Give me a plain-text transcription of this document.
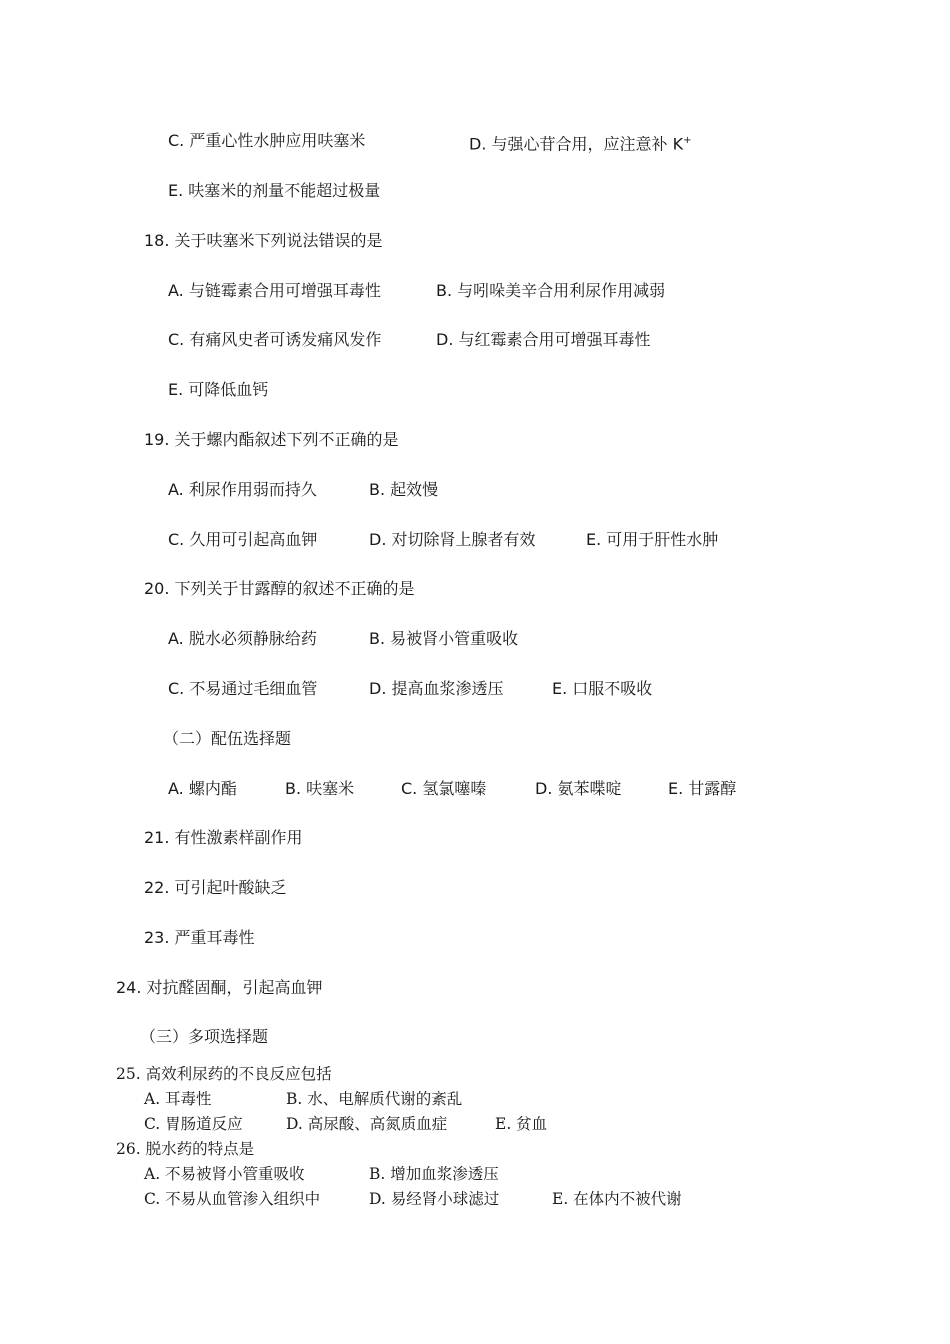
C. 严重心性水肿应用呋塞米	D. 与强心苷合用，应注意补 K+
E. 呋塞米的剂量不能超过极量
18. 关于呋塞米下列说法错误的是
A. 与链霉素合用可增强耳毒性	B. 与吲哚美辛合用利尿作用减弱
C. 有痛风史者可诱发痛风发作	D. 与红霉素合用可增强耳毒性
E. 可降低血钙
19. 关于螺内酯叙述下列不正确的是
A. 利尿作用弱而持久	B. 起效慢
C. 久用可引起高血钾	D. 对切除肾上腺者有效	E. 可用于肝性水肿
20. 下列关于甘露醇的叙述不正确的是
A. 脱水必须静脉给药	B. 易被肾小管重吸收
C. 不易通过毛细血管	D. 提高血浆渗透压	E. 口服不吸收
（二）配伍选择题
A. 螺内酯	B. 呋塞米	C. 氢氯噻嗪	D. 氨苯喋啶	E. 甘露醇
21. 有性激素样副作用
22. 可引起叶酸缺乏
23. 严重耳毒性
24. 对抗醛固酮，引起高血钾
（三）多项选择题
25. 高效利尿药的不良反应包括
A. 耳毒性	B. 水、电解质代谢的紊乱
C. 胃肠道反应	D. 高尿酸、高氮质血症	E. 贫血
26. 脱水药的特点是
A. 不易被肾小管重吸收	B. 增加血浆渗透压
C. 不易从血管渗入组织中	D. 易经肾小球滤过	E. 在体内不被代谢
